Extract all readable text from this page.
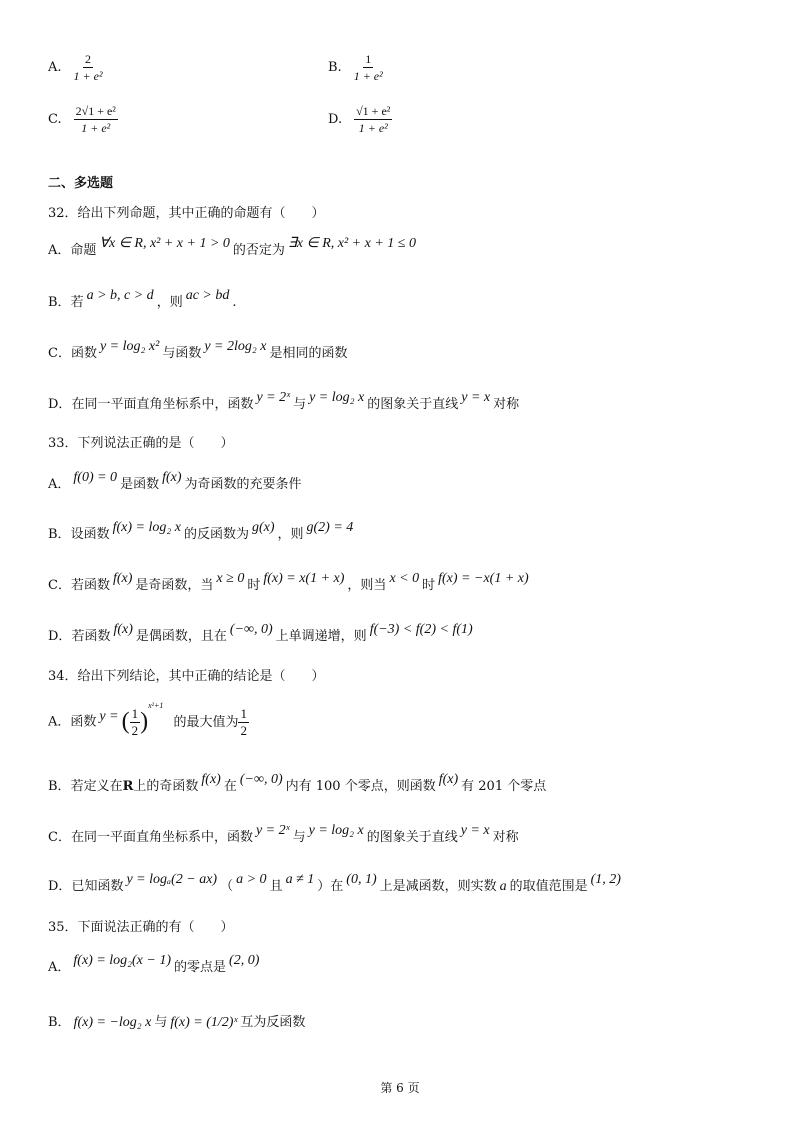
A. $\frac{2}{\text{1 + e²}}$	B. $\frac{1}{\text{1 + e²}}$
C. $\frac{\text{2√1 + e²}}{\text{1 + e²}}$	D. $\frac{\text{√1 + e²}}{\text{1 + e²}}$
二、多选题
32．给出下列命题，其中正确的命题有（　　）
A．命题 ∀x ∈ R, x² + x + 1 > 0 的否定为 ∃x ∈ R, x² + x + 1 ≤ 0
B．若 a > b, c > d ，则 ac > bd .
C．函数 y = log₂ x² 与函数 y = 2log₂ x 是相同的函数
D．在同一平面直角坐标系中，函数 y = 2ˣ 与 y = log₂ x 的图象关于直线 y = x 对称
33．下列说法正确的是（　　）
A． f(0) = 0 是函数 f(x) 为奇函数的充要条件
B．设函数 f(x) = log₂ x 的反函数为 g(x) ，则 g(2) = 4
C．若函数 f(x) 是奇函数，当 x ≥ 0 时 f(x) = x(1 + x) ，则当 x < 0 时 f(x) = −x(1 + x)
D．若函数 f(x) 是偶函数，且在 (−∞, 0) 上单调递增，则 f(−3) < f(2) < f(1)
34．给出下列结论，其中正确的结论是（　　）
A．函数 y = ( $\frac{1}{2} )^{x^2+1}$的最大值为 $\frac{1}{2}$
B．若定义在R上的奇函数 f(x) 在 (−∞, 0) 内有 100 个零点，则函数 f(x) 有 201 个零点
C．在同一平面直角坐标系中，函数 y = 2ˣ 与 y = log₂ x 的图象关于直线 y = x 对称
D．已知函数 y = logₐ(2 − ax) （ a > 0 且 a ≠ 1 ）在 (0, 1) 上是减函数，则实数 a 的取值范围是 (1, 2)
35．下面说法正确的有（　　）
A． f(x) = log₂(x − 1) 的零点是 (2, 0)
B． f(x) = −log₂ x 与 f(x) = (1/2)ˣ 互为反函数
第 6 页
